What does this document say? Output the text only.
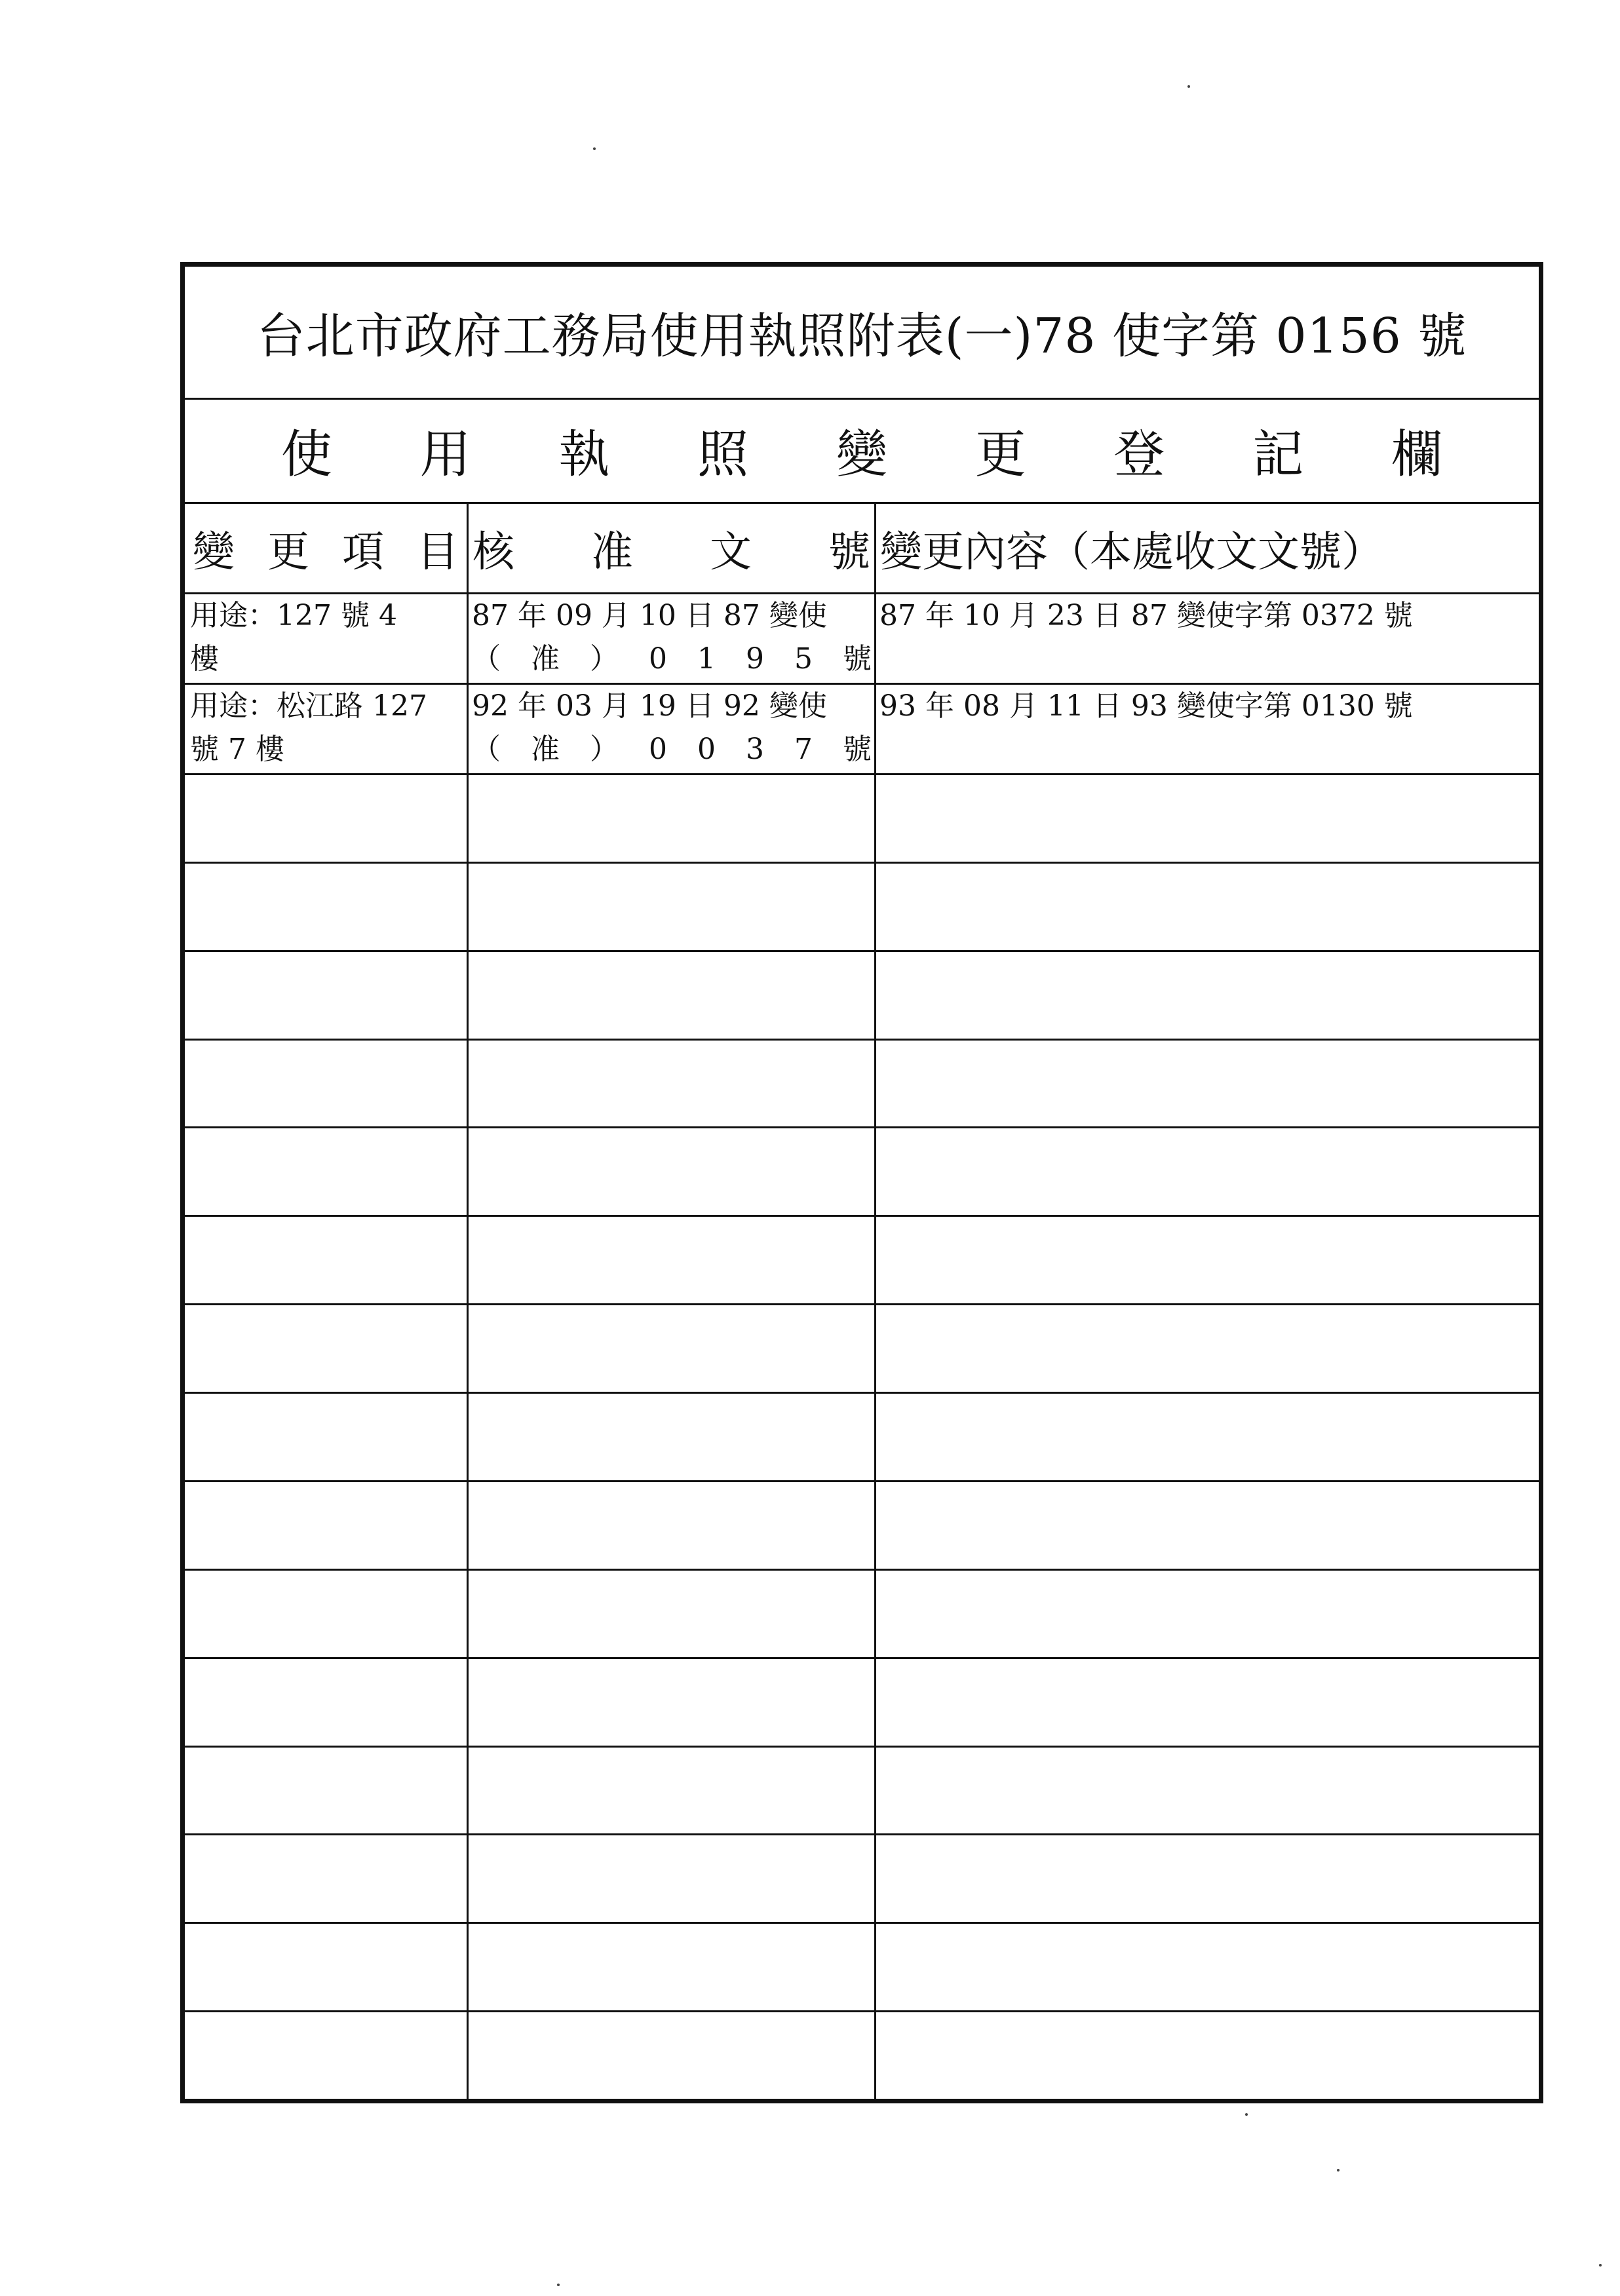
台北市政府工務局使用執照附表(一)78 使字第 0156 號
使 用 執 照 變 更 登 記 欄
變 更 項 目 核 准 文 號 變更內容（本處收文文號）
用途：127 號 4
樓
87 年 09 月 10 日 87 變使
（ 准 ） 0 1 9 5 號
87 年 10 月 23 日 87 變使字第 0372 號
用途：松江路 127
號 7 樓
92 年 03 月 19 日 92 變使
（ 准 ） 0 0 3 7 號
93 年 08 月 11 日 93 變使字第 0130 號
